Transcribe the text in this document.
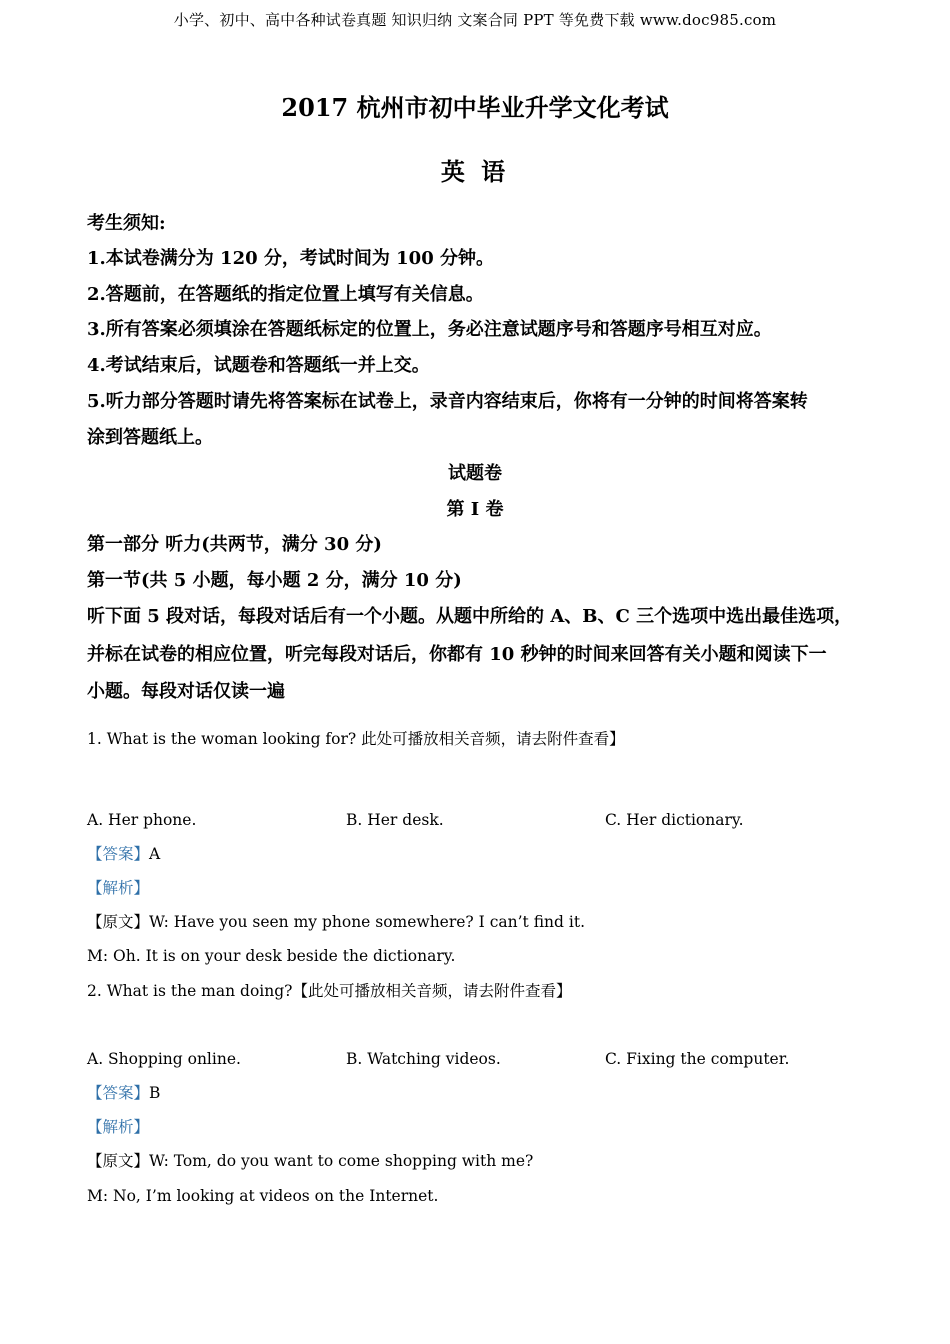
小学、初中、高中各种试卷真题 知识归纳 文案合同 PPT 等免费下载 www.doc985.com
2017 杭州市初中毕业升学文化考试
英 语
考生须知:
1.本试卷满分为 120 分，考试时间为 100 分钟。
2.答题前，在答题纸的指定位置上填写有关信息。
3.所有答案必须填涂在答题纸标定的位置上，务必注意试题序号和答题序号相互对应。
4.考试结束后，试题卷和答题纸一并上交。
5.听力部分答题时请先将答案标在试卷上，录音内容结束后，你将有一分钟的时间将答案转
涂到答题纸上。
试题卷
第 I 卷
第一部分 听力(共两节，满分 30 分)
第一节(共 5 小题，每小题 2 分，满分 10 分)
听下面 5 段对话，每段对话后有一个小题。从题中所给的 A、B、C 三个选项中选出最佳选项，
并标在试卷的相应位置，听完每段对话后，你都有 10 秒钟的时间来回答有关小题和阅读下一
小题。每段对话仅读一遍
1. What is the woman looking for? 此处可播放相关音频，请去附件查看】
A. Her phone.	B. Her desk.	C. Her dictionary.
【答案】A
【解析】
【原文】W: Have you seen my phone somewhere? I can’t find it.
M: Oh. It is on your desk beside the dictionary.
2. What is the man doing?【此处可播放相关音频，请去附件查看】
A. Shopping online.	B. Watching videos.	C. Fixing the computer.
【答案】B
【解析】
【原文】W: Tom, do you want to come shopping with me?
M: No, I’m looking at videos on the Internet.
